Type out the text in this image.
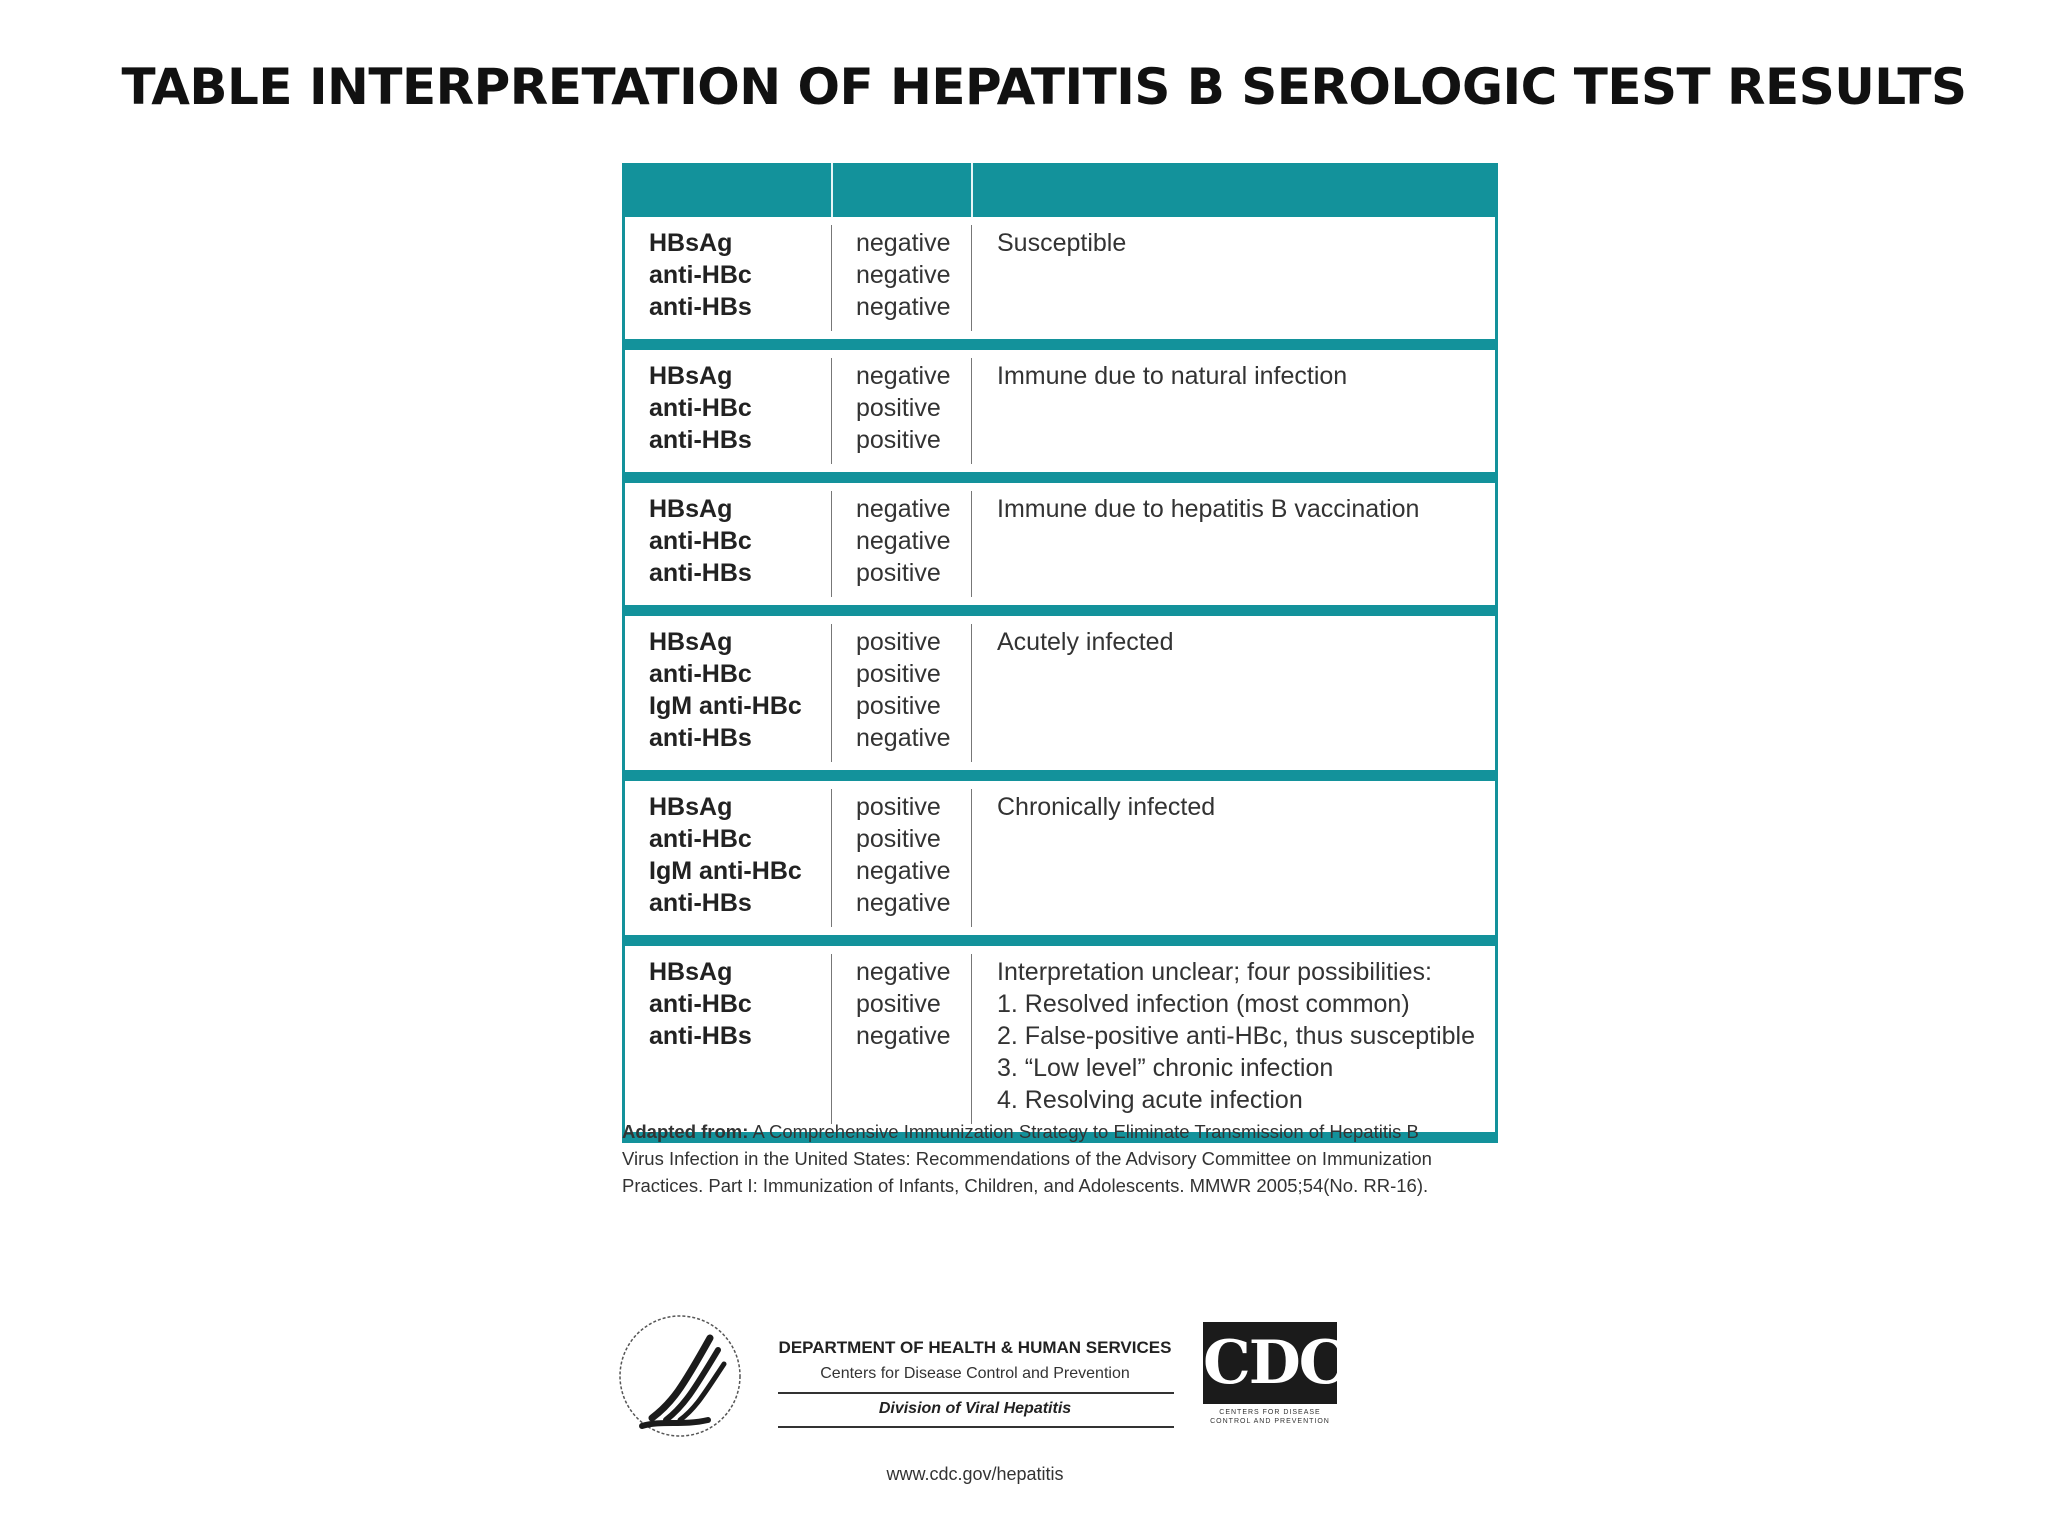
TABLE INTERPRETATION OF HEPATITIS B SEROLOGIC TEST RESULTS
HBsAg
anti-HBc
anti-HBs
negative
negative
negative
Susceptible
HBsAg
anti-HBc
anti-HBs
negative
positive
positive
Immune due to natural infection
HBsAg
anti-HBc
anti-HBs
negative
negative
positive
Immune due to hepatitis B vaccination
HBsAg
anti-HBc
IgM anti-HBc
anti-HBs
positive
positive
positive
negative
Acutely infected
HBsAg
anti-HBc
IgM anti-HBc
anti-HBs
positive
positive
negative
negative
Chronically infected
HBsAg
anti-HBc
anti-HBs
negative
positive
negative
Interpretation unclear; four possibilities:
1. Resolved infection (most common)
2. False-positive anti-HBc, thus susceptible
3. “Low level” chronic infection
4. Resolving acute infection
Adapted from: A Comprehensive Immunization Strategy to Eliminate Transmission of Hepatitis B
Virus Infection in the United States: Recommendations of the Advisory Committee on Immunization
Practices. Part I: Immunization of Infants, Children, and Adolescents. MMWR 2005;54(No. RR-16).
DEPARTMENT OF HEALTH & HUMAN SERVICES
Centers for Disease Control and Prevention
Division of Viral Hepatitis
CDC
CENTERS FOR DISEASE
CONTROL AND PREVENTION
www.cdc.gov/hepatitis
